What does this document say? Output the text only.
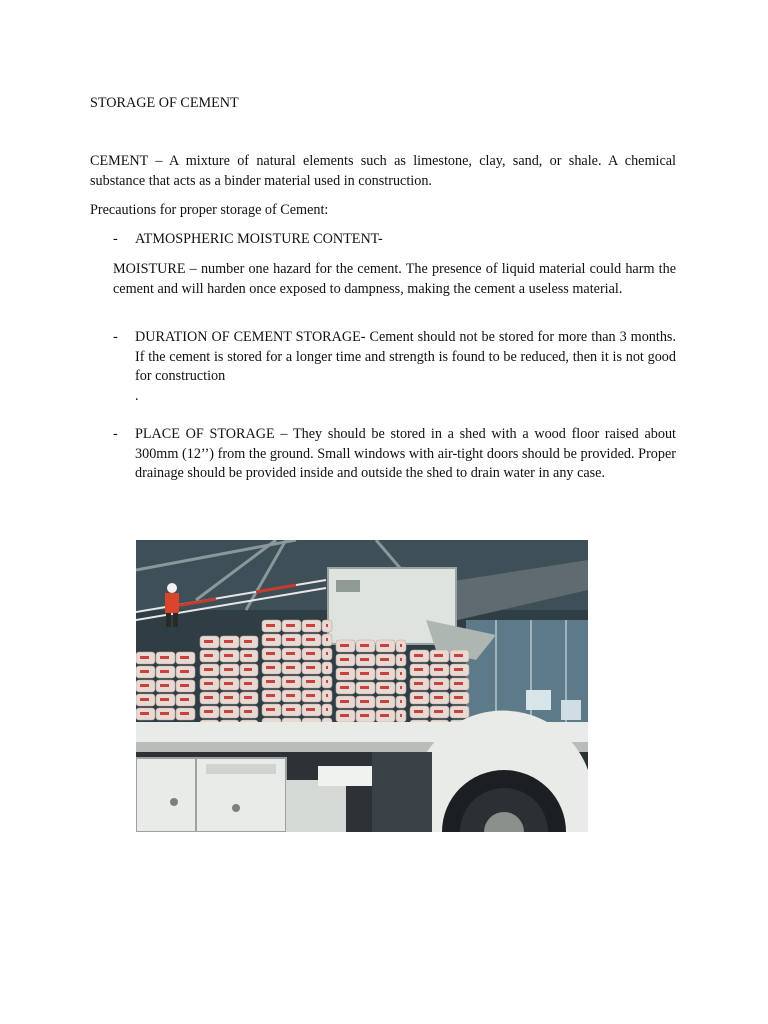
STORAGE OF CEMENT

CEMENT – A mixture of natural elements such as limestone, clay, sand, or shale. A chemical substance that acts as a binder material used in construction.

Precautions for proper storage of Cement:

-	ATMOSPHERIC MOISTURE CONTENT-

MOISTURE – number one hazard for the cement. The presence of liquid material could harm the cement and will harden once exposed to dampness, making the cement a useless material.

-	DURATION OF CEMENT STORAGE- Cement should not be stored for more than 3 months. If the cement is stored for a longer time and strength is found to be reduced, then it is not good for construction

.
-	PLACE OF STORAGE – They should be stored in a shed with a wood floor raised about 300mm (12’’) from the ground. Small windows with air-tight doors should be provided. Proper drainage should be provided inside and outside the shed to drain water in any case.
